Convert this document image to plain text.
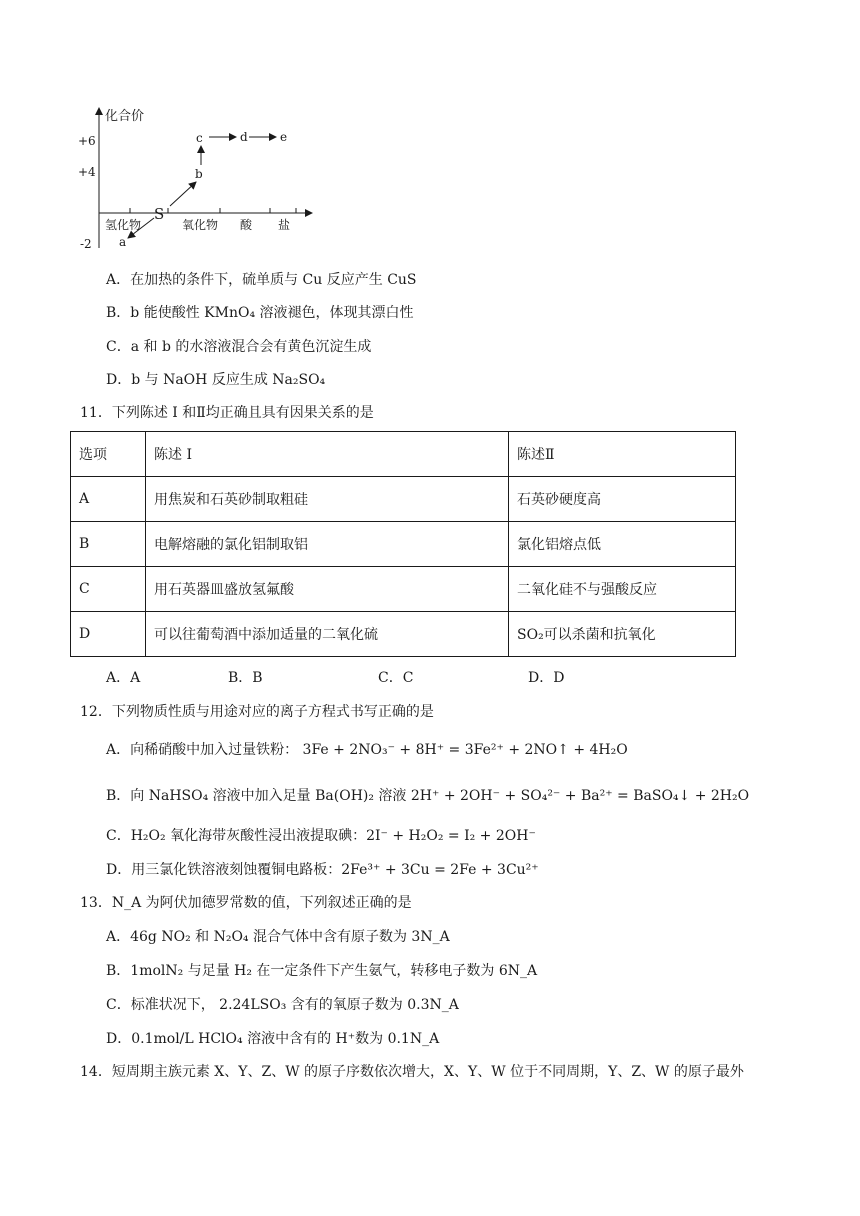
化合价
+6
+4
-2
氢化物	氧化物 酸 盐
S
a
b
c	d	e
A．在加热的条件下，硫单质与 Cu 反应产生 CuS
B．b 能使酸性 KMnO₄ 溶液褪色，体现其漂白性
C．a 和 b 的水溶液混合会有黄色沉淀生成
D．b 与 NaOH 反应生成 Na₂SO₄
11．下列陈述 I 和Ⅱ均正确且具有因果关系的是
选项	陈述 I	陈述Ⅱ
A	用焦炭和石英砂制取粗硅	石英砂硬度高
B	电解熔融的氯化铝制取铝	氯化铝熔点低
C	用石英器皿盛放氢氟酸	二氧化硅不与强酸反应
D	可以往葡萄酒中添加适量的二氧化硫	SO₂可以杀菌和抗氧化
A．A	B．B	C．C	D．D
12．下列物质性质与用途对应的离子方程式书写正确的是
A．向稀硝酸中加入过量铁粉： 3Fe + 2NO₃⁻ + 8H⁺ = 3Fe²⁺ + 2NO↑ + 4H₂O
B．向 NaHSO₄ 溶液中加入足量 Ba(OH)₂ 溶液 2H⁺ + 2OH⁻ + SO₄²⁻ + Ba²⁺ = BaSO₄↓ + 2H₂O
C．H₂O₂ 氧化海带灰酸性浸出液提取碘：2I⁻ + H₂O₂ = I₂ + 2OH⁻
D．用三氯化铁溶液刻蚀覆铜电路板：2Fe³⁺ + 3Cu = 2Fe + 3Cu²⁺
13．N_A 为阿伏加德罗常数的值，下列叙述正确的是
A．46g NO₂ 和 N₂O₄ 混合气体中含有原子数为 3N_A
B．1molN₂ 与足量 H₂ 在一定条件下产生氨气，转移电子数为 6N_A
C．标准状况下， 2.24LSO₃ 含有的氧原子数为 0.3N_A
D．0.1mol/L HClO₄ 溶液中含有的 H⁺数为 0.1N_A
14．短周期主族元素 X、Y、Z、W 的原子序数依次增大，X、Y、W 位于不同周期，Y、Z、W 的原子最外
